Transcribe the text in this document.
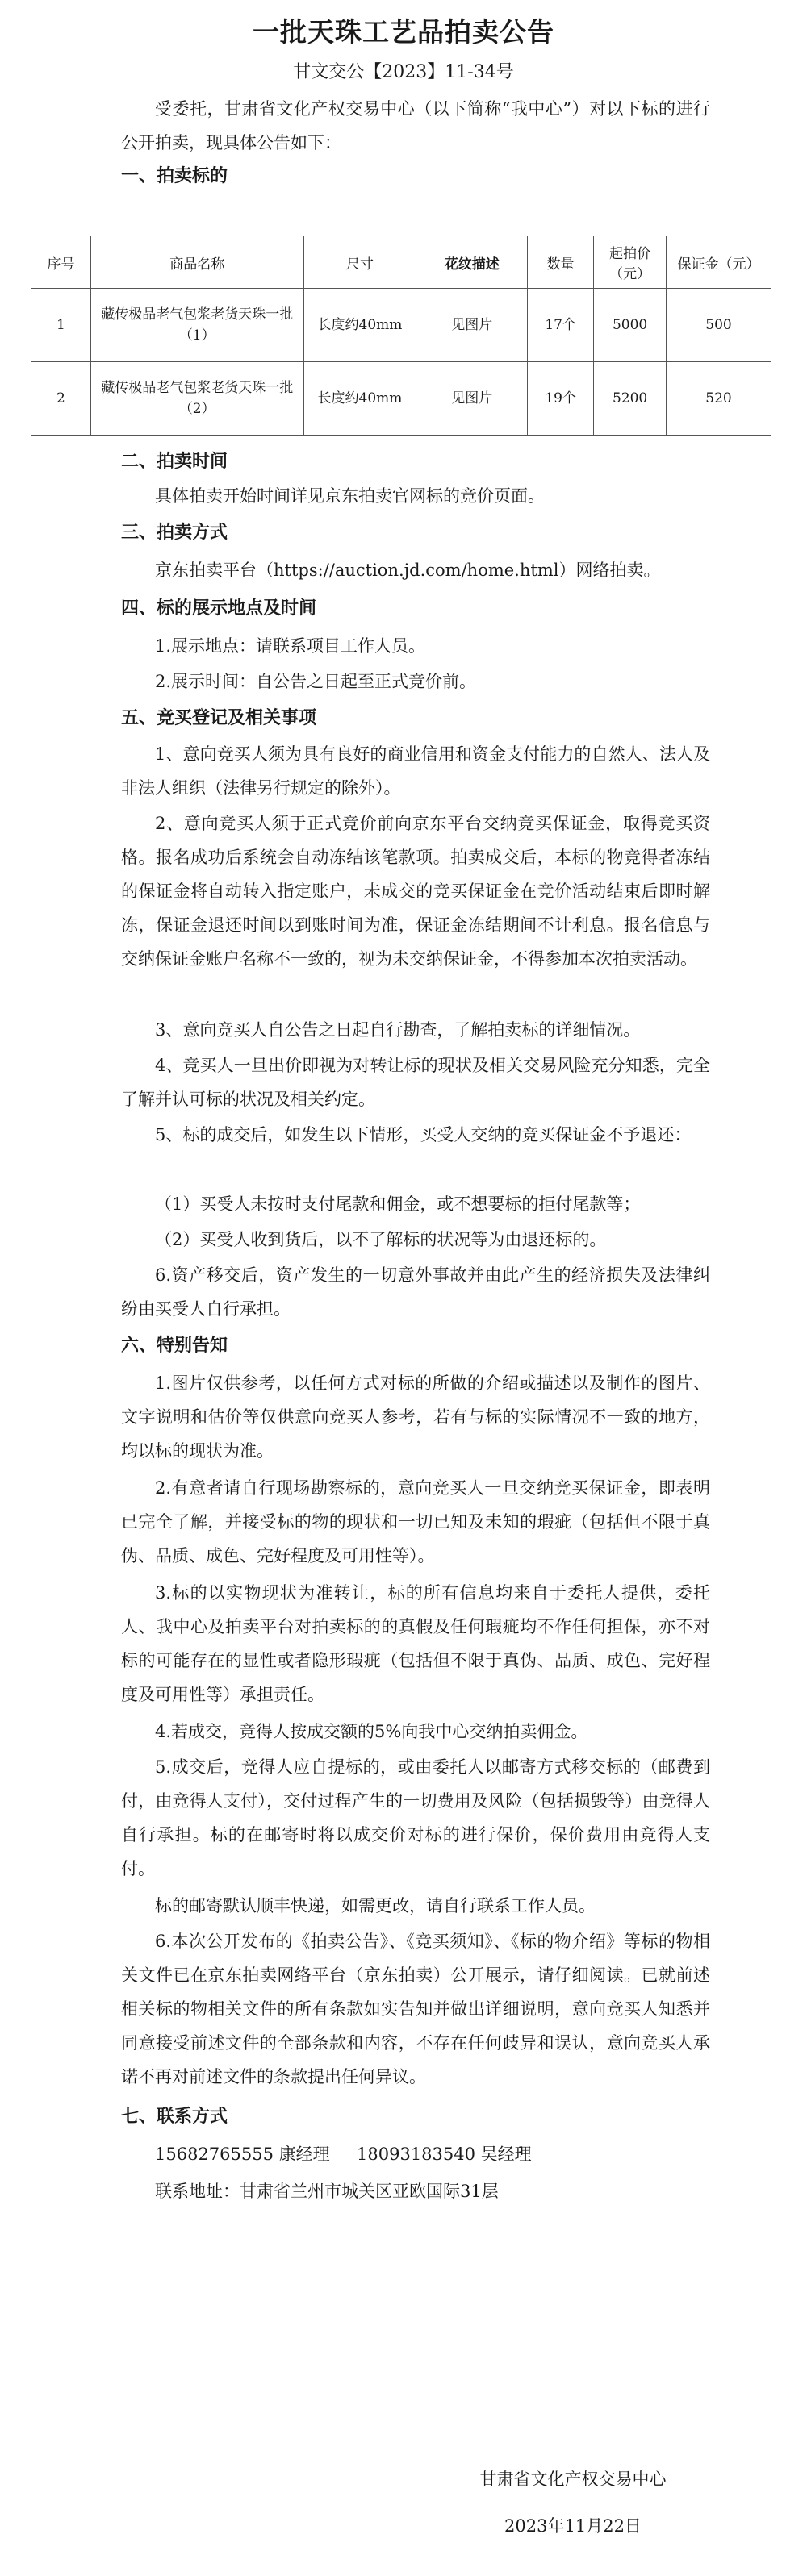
一批天珠工艺品拍卖公告
甘文交公【2023】11-34号
受委托，甘肃省文化产权交易中心（以下简称“我中心”）对以下标的进行公开拍卖，现具体公告如下：
一、拍卖标的
序号	商品名称	尺寸	花纹描述	数量	起拍价（元）	保证金（元）
1	藏传极品老气包浆老货天珠一批（1）	长度约40mm	见图片	17个	5000	500
2	藏传极品老气包浆老货天珠一批（2）	长度约40mm	见图片	19个	5200	520
二、拍卖时间
具体拍卖开始时间详见京东拍卖官网标的竞价页面。
三、拍卖方式
京东拍卖平台（https://auction.jd.com/home.html）网络拍卖。
四、标的展示地点及时间
1.展示地点：请联系项目工作人员。
2.展示时间：自公告之日起至正式竞价前。
五、竞买登记及相关事项
1、意向竞买人须为具有良好的商业信用和资金支付能力的自然人、法人及非法人组织（法律另行规定的除外）。
2、意向竞买人须于正式竞价前向京东平台交纳竞买保证金，取得竞买资格。报名成功后系统会自动冻结该笔款项。拍卖成交后，本标的物竞得者冻结的保证金将自动转入指定账户，未成交的竞买保证金在竞价活动结束后即时解冻，保证金退还时间以到账时间为准，保证金冻结期间不计利息。报名信息与交纳保证金账户名称不一致的，视为未交纳保证金，不得参加本次拍卖活动。
3、意向竞买人自公告之日起自行勘查，了解拍卖标的详细情况。
4、竞买人一旦出价即视为对转让标的现状及相关交易风险充分知悉，完全了解并认可标的状况及相关约定。
5、标的成交后，如发生以下情形，买受人交纳的竞买保证金不予退还：
（1）买受人未按时支付尾款和佣金，或不想要标的拒付尾款等；
（2）买受人收到货后，以不了解标的状况等为由退还标的。
6.资产移交后，资产发生的一切意外事故并由此产生的经济损失及法律纠纷由买受人自行承担。
六、特别告知
1.图片仅供参考，以任何方式对标的所做的介绍或描述以及制作的图片、文字说明和估价等仅供意向竞买人参考，若有与标的实际情况不一致的地方，均以标的现状为准。
2.有意者请自行现场勘察标的，意向竞买人一旦交纳竞买保证金，即表明已完全了解，并接受标的物的现状和一切已知及未知的瑕疵（包括但不限于真伪、品质、成色、完好程度及可用性等）。
3.标的以实物现状为准转让，标的所有信息均来自于委托人提供，委托人、我中心及拍卖平台对拍卖标的的真假及任何瑕疵均不作任何担保，亦不对标的可能存在的显性或者隐形瑕疵（包括但不限于真伪、品质、成色、完好程度及可用性等）承担责任。
4.若成交，竞得人按成交额的5%向我中心交纳拍卖佣金。
5.成交后，竞得人应自提标的，或由委托人以邮寄方式移交标的（邮费到付，由竞得人支付），交付过程产生的一切费用及风险（包括损毁等）由竞得人自行承担。标的在邮寄时将以成交价对标的进行保价，保价费用由竞得人支付。
标的邮寄默认顺丰快递，如需更改，请自行联系工作人员。
6.本次公开发布的《拍卖公告》、《竞买须知》、《标的物介绍》等标的物相关文件已在京东拍卖网络平台（京东拍卖）公开展示，请仔细阅读。已就前述相关标的物相关文件的所有条款如实告知并做出详细说明，意向竞买人知悉并同意接受前述文件的全部条款和内容，不存在任何歧异和误认，意向竞买人承诺不再对前述文件的条款提出任何异议。
七、联系方式
15682765555 康经理     18093183540 吴经理
联系地址：甘肃省兰州市城关区亚欧国际31层
甘肃省文化产权交易中心
2023年11月22日
